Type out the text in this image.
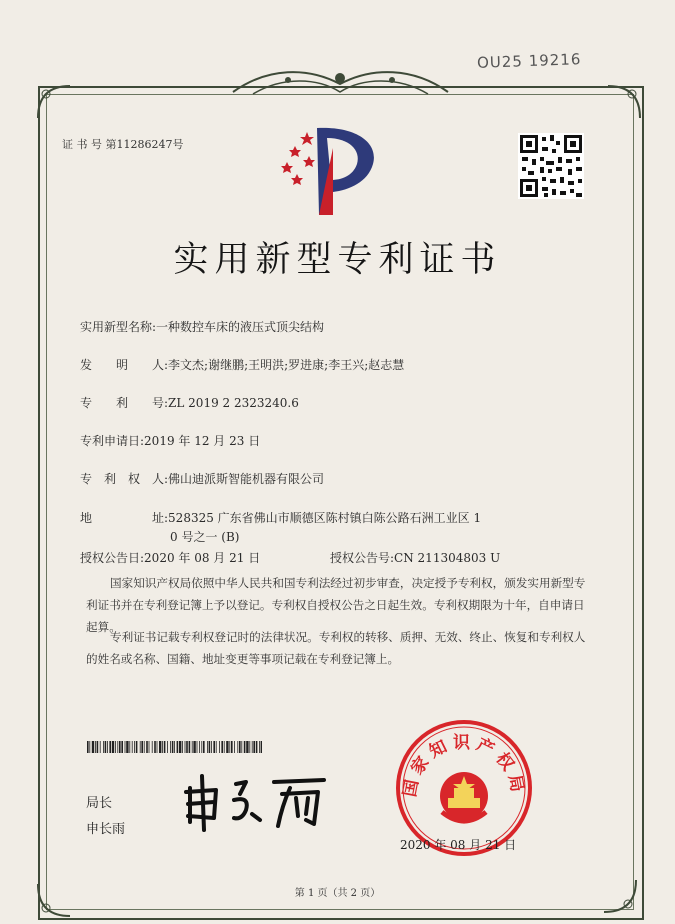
OU25 19216
证 书 号 第11286247号
实用新型专利证书
实用新型名称:一种数控车床的液压式顶尖结构
发　　明　　人:李文杰;谢继鹏;王明洪;罗进康;李王兴;赵志慧
专　　利　　号:ZL 2019 2 2323240.6
专利申请日:2019 年 12 月 23 日
专　利　权　人:佛山迪派斯智能机器有限公司
地　　　　　址:528325 广东省佛山市顺德区陈村镇白陈公路石洲工业区 1
0 号之一 (B)
授权公告日:2020 年 08 月 21 日	授权公告号:CN 211304803 U
国家知识产权局依照中华人民共和国专利法经过初步审查，决定授予专利权，颁发实用新型专利证书并在专利登记簿上予以登记。专利权自授权公告之日起生效。专利权期限为十年，自申请日起算。
专利证书记载专利权登记时的法律状况。专利权的转移、质押、无效、终止、恢复和专利权人的姓名或名称、国籍、地址变更等事项记载在专利登记簿上。
局长
申长雨
国家知识产权局
2020 年 08 月 21 日
第 1 页（共 2 页）
